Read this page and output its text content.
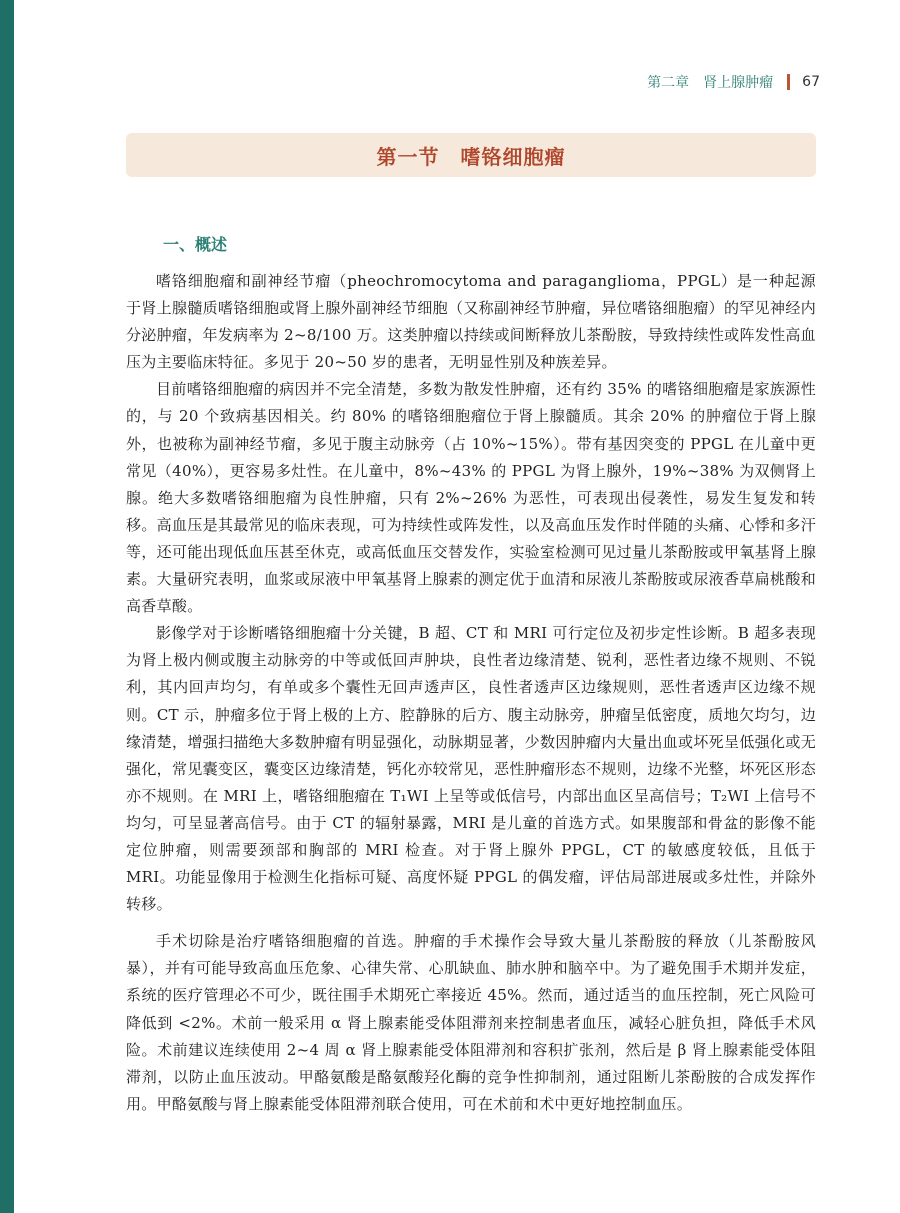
第二章　肾上腺肿瘤 67
第一节　嗜铬细胞瘤
一、概述

嗜铬细胞瘤和副神经节瘤（pheochromocytoma and paraganglioma，PPGL）是一种起源于肾上腺髓质嗜铬细胞或肾上腺外副神经节细胞（又称副神经节肿瘤，异位嗜铬细胞瘤）的罕见神经内分泌肿瘤，年发病率为 2~8/100 万。这类肿瘤以持续或间断释放儿茶酚胺，导致持续性或阵发性高血压为主要临床特征。多见于 20~50 岁的患者，无明显性别及种族差异。

目前嗜铬细胞瘤的病因并不完全清楚，多数为散发性肿瘤，还有约 35% 的嗜铬细胞瘤是家族源性的，与 20 个致病基因相关。约 80% 的嗜铬细胞瘤位于肾上腺髓质。其余 20% 的肿瘤位于肾上腺外，也被称为副神经节瘤，多见于腹主动脉旁（占 10%~15%）。带有基因突变的 PPGL 在儿童中更常见（40%），更容易多灶性。在儿童中，8%~43% 的 PPGL 为肾上腺外，19%~38% 为双侧肾上腺。绝大多数嗜铬细胞瘤为良性肿瘤，只有 2%~26% 为恶性，可表现出侵袭性，易发生复发和转移。高血压是其最常见的临床表现，可为持续性或阵发性，以及高血压发作时伴随的头痛、心悸和多汗等，还可能出现低血压甚至休克，或高低血压交替发作，实验室检测可见过量儿茶酚胺或甲氧基肾上腺素。大量研究表明，血浆或尿液中甲氧基肾上腺素的测定优于血清和尿液儿茶酚胺或尿液香草扁桃酸和高香草酸。

影像学对于诊断嗜铬细胞瘤十分关键，B 超、CT 和 MRI 可行定位及初步定性诊断。B 超多表现为肾上极内侧或腹主动脉旁的中等或低回声肿块，良性者边缘清楚、锐利，恶性者边缘不规则、不锐利，其内回声均匀，有单或多个囊性无回声透声区，良性者透声区边缘规则，恶性者透声区边缘不规则。CT 示，肿瘤多位于肾上极的上方、腔静脉的后方、腹主动脉旁，肿瘤呈低密度，质地欠均匀，边缘清楚，增强扫描绝大多数肿瘤有明显强化，动脉期显著，少数因肿瘤内大量出血或坏死呈低强化或无强化，常见囊变区，囊变区边缘清楚，钙化亦较常见，恶性肿瘤形态不规则，边缘不光整，坏死区形态亦不规则。在 MRI 上，嗜铬细胞瘤在 T₁WI 上呈等或低信号，内部出血区呈高信号；T₂WI 上信号不均匀，可呈显著高信号。由于 CT 的辐射暴露，MRI 是儿童的首选方式。如果腹部和骨盆的影像不能定位肿瘤，则需要颈部和胸部的 MRI 检查。对于肾上腺外 PPGL，CT 的敏感度较低，且低于 MRI。功能显像用于检测生化指标可疑、高度怀疑 PPGL 的偶发瘤，评估局部进展或多灶性，并除外转移。

手术切除是治疗嗜铬细胞瘤的首选。肿瘤的手术操作会导致大量儿茶酚胺的释放（儿茶酚胺风暴），并有可能导致高血压危象、心律失常、心肌缺血、肺水肿和脑卒中。为了避免围手术期并发症，系统的医疗管理必不可少，既往围手术期死亡率接近 45%。然而，通过适当的血压控制，死亡风险可降低到 <2%。术前一般采用 α 肾上腺素能受体阻滞剂来控制患者血压，减轻心脏负担，降低手术风险。术前建议连续使用 2~4 周 α 肾上腺素能受体阻滞剂和容积扩张剂，然后是 β 肾上腺素能受体阻滞剂，以防止血压波动。甲酪氨酸是酪氨酸羟化酶的竞争性抑制剂，通过阻断儿茶酚胺的合成发挥作用。甲酪氨酸与肾上腺素能受体阻滞剂联合使用，可在术前和术中更好地控制血压。
